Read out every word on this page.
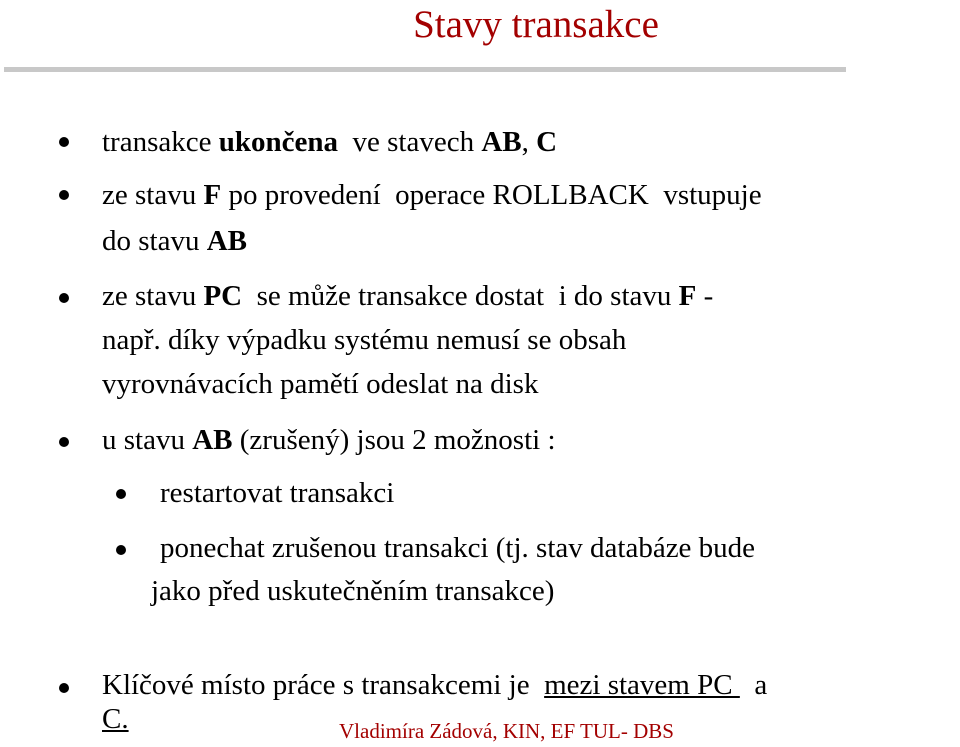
Stavy transakce
transakce ukončena  ve stavech AB, C
ze stavu F po provedení  operace ROLLBACK  vstupuje
do stavu AB
ze stavu PC  se může transakce dostat  i do stavu F -
např. díky výpadku systému nemusí se obsah
vyrovnávacích pamětí odeslat na disk
u stavu AB (zrušený) jsou 2 možnosti :
restartovat transakci
ponechat zrušenou transakci (tj. stav databáze bude
jako před uskutečněním transakce)
Klíčové místo práce s transakcemi je  mezi stavem PC   a
C.	Vladimíra Zádová, KIN, EF TUL- DBS
